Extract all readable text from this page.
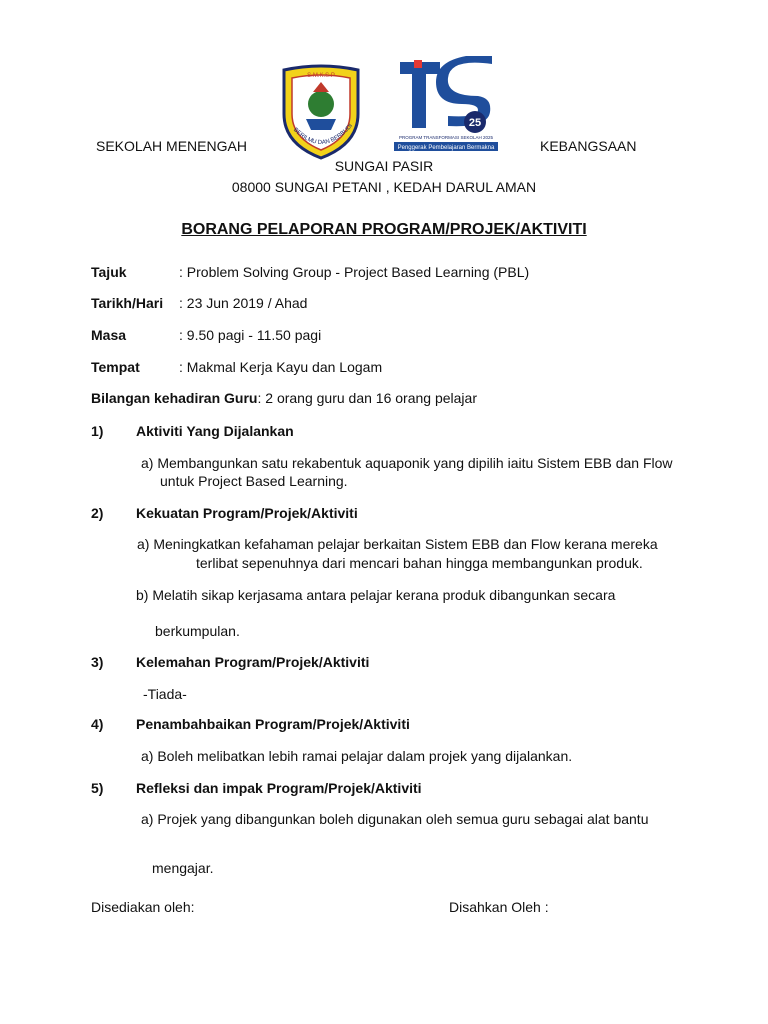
S.M.K.S.P
BERILMU DAN BERBUDI	25
PROGRAM TRANSFORMASI SEKOLAH 2025
Penggerak Pembelajaran Bermakna
SEKOLAH MENENGAH	KEBANGSAAN
SUNGAI PASIR
08000 SUNGAI PETANI , KEDAH DARUL AMAN
BORANG PELAPORAN PROGRAM/PROJEK/AKTIVITI
Tajuk	: Problem Solving Group - Project Based Learning (PBL)
Tarikh/Hari : 23 Jun 2019 / Ahad
Masa	: 9.50 pagi - 11.50 pagi
Tempat	: Makmal Kerja Kayu dan Logam
Bilangan kehadiran Guru: 2 orang guru dan 16 orang pelajar
1) Aktiviti Yang Dijalankan
a) Membangunkan satu rekabentuk aquaponik yang dipilih iaitu Sistem EBB dan Flow
untuk Project Based Learning.
2) Kekuatan Program/Projek/Aktiviti
a) Meningkatkan kefahaman pelajar berkaitan Sistem EBB dan Flow kerana mereka
terlibat sepenuhnya dari mencari bahan hingga membangunkan produk.
b) Melatih sikap kerjasama antara pelajar kerana produk dibangunkan secara
berkumpulan.
3) Kelemahan Program/Projek/Aktiviti
-Tiada-
4) Penambahbaikan Program/Projek/Aktiviti
a) Boleh melibatkan lebih ramai pelajar dalam projek yang dijalankan.
5) Refleksi dan impak Program/Projek/Aktiviti
a) Projek yang dibangunkan boleh digunakan oleh semua guru sebagai alat bantu
mengajar.
Disediakan oleh:	Disahkan Oleh :
